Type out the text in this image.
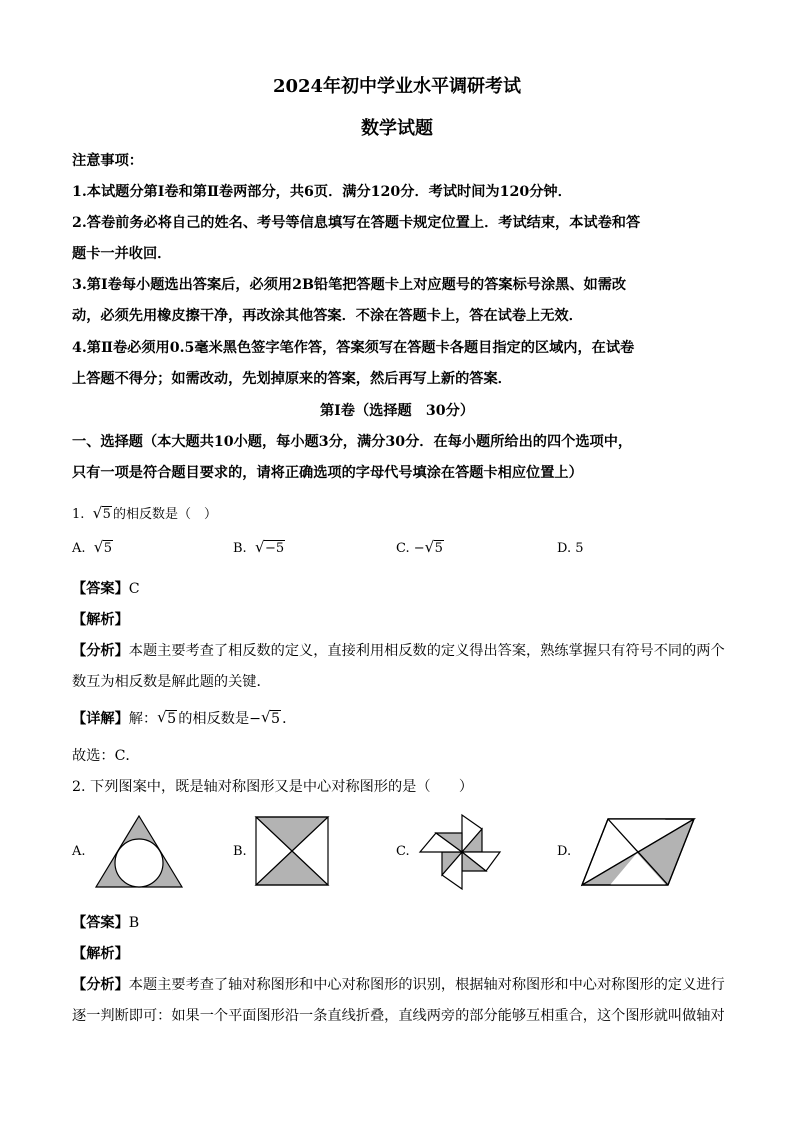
2024年初中学业水平调研考试
数学试题
注意事项：
1.本试题分第Ⅰ卷和第Ⅱ卷两部分，共6页．满分120分．考试时间为120分钟．
2.答卷前务必将自己的姓名、考号等信息填写在答题卡规定位置上．考试结束，本试卷和答
题卡一并收回．
3.第Ⅰ卷每小题选出答案后，必须用2B铅笔把答题卡上对应题号的答案标号涂黑、如需改
动，必须先用橡皮擦干净，再改涂其他答案．不涂在答题卡上，答在试卷上无效．
4.第Ⅱ卷必须用0.5毫米黑色签字笔作答，答案须写在答题卡各题目指定的区域内，在试卷
上答题不得分；如需改动，先划掉原来的答案，然后再写上新的答案．
第Ⅰ卷（选择题　30分）
一、选择题（本大题共10小题，每小题3分，满分30分．在每小题所给出的四个选项中，
只有一项是符合题目要求的，请将正确选项的字母代号填涂在答题卡相应位置上）
1. √ 5 的相反数是（　）
A. √ 5	B. √ −5	C. − √ 5	D. 5
【答案】C
【解析】
【分析】本题主要考查了相反数的定义，直接利用相反数的定义得出答案，熟练掌握只有符号不同的两个
数互为相反数是解此题的关键．
【详解】解： √ 5 的相反数是− √ 5 ．
故选：C．
2. 下列图案中，既是轴对称图形又是中心对称图形的是（　　）
A.	B.	C.	D.
【答案】B
【解析】
【分析】本题主要考查了轴对称图形和中心对称图形的识别，根据轴对称图形和中心对称图形的定义进行
逐一判断即可：如果一个平面图形沿一条直线折叠，直线两旁的部分能够互相重合，这个图形就叫做轴对
